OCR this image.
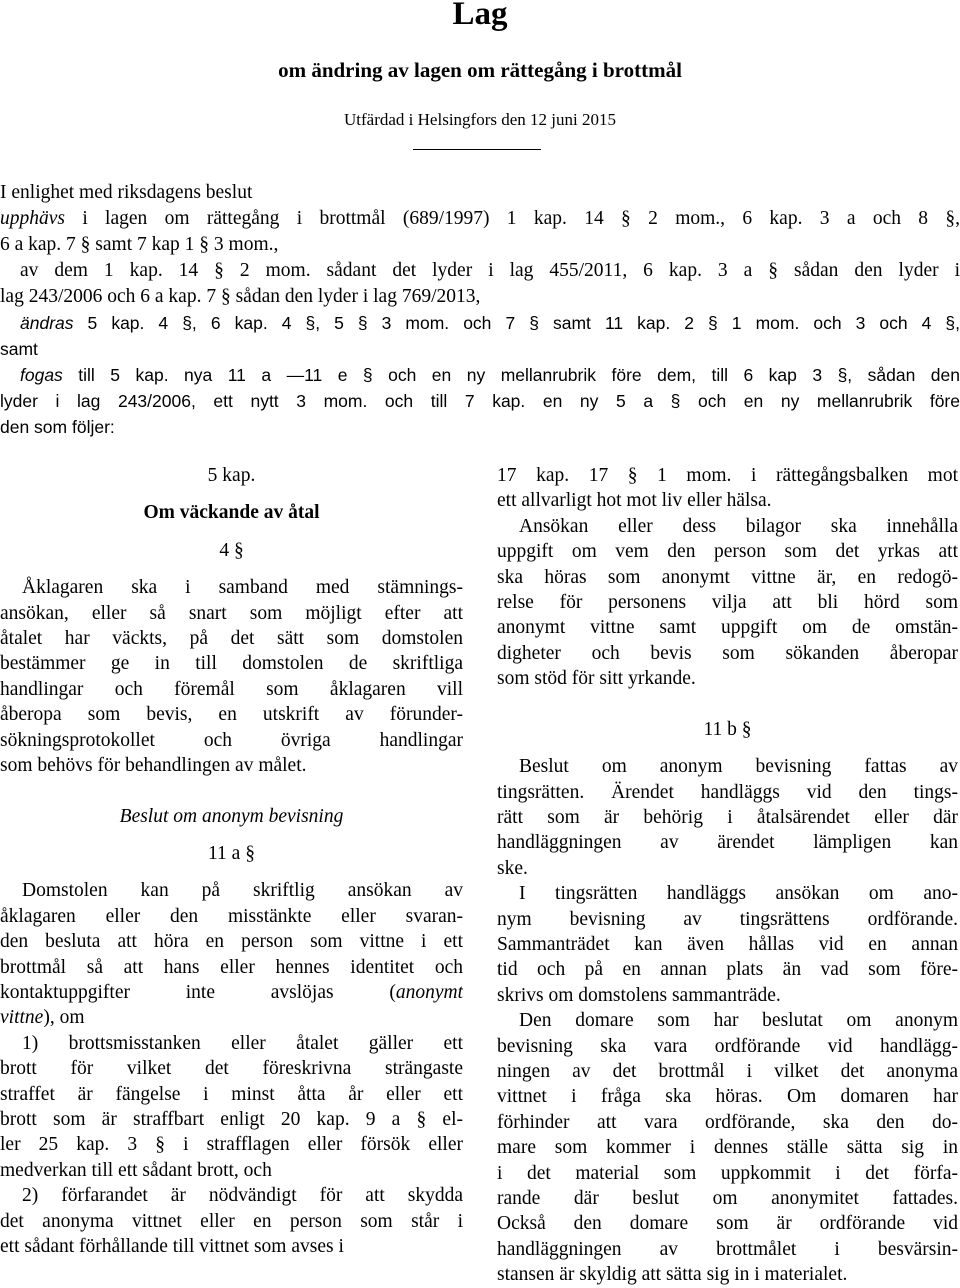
Lag
om ändring av lagen om rättegång i brottmål
Utfärdad i Helsingfors den 12 juni 2015
I enlighet med riksdagens beslut
upphävs i lagen om rättegång i brottmål (689/1997) 1 kap. 14 § 2 mom., 6 kap. 3 a och 8 §,
6 a kap. 7 § samt 7 kap 1 § 3 mom.,
av dem 1 kap. 14 § 2 mom. sådant det lyder i lag 455/2011, 6 kap. 3 a § sådan den lyder i
lag 243/2006 och 6 a kap. 7 § sådan den lyder i lag 769/2013,
ändras 5 kap. 4 §, 6 kap. 4 §, 5 § 3 mom. och 7 § samt 11 kap. 2 § 1 mom. och 3 och 4 §,
samt
fogas till 5 kap. nya 11 a —11 e § och en ny mellanrubrik före dem, till 6 kap 3 §, sådan den
lyder i lag 243/2006, ett nytt 3 mom. och till 7 kap. en ny 5 a § och en ny mellanrubrik före
den som följer:
5 kap.
Om väckande av åtal
4 §
Åklagaren ska i samband med stämnings-
ansökan, eller så snart som möjligt efter att
åtalet har väckts, på det sätt som domstolen
bestämmer ge in till domstolen de skriftliga
handlingar och föremål som åklagaren vill
åberopa som bevis, en utskrift av förunder-
sökningsprotokollet och övriga handlingar
som behövs för behandlingen av målet.
Beslut om anonym bevisning
11 a §
Domstolen kan på skriftlig ansökan av
åklagaren eller den misstänkte eller svaran-
den besluta att höra en person som vittne i ett
brottmål så att hans eller hennes identitet och
kontaktuppgifter inte avslöjas (anonymt
vittne), om
1) brottsmisstanken eller åtalet gäller ett
brott för vilket det föreskrivna strängaste
straffet är fängelse i minst åtta år eller ett
brott som är straffbart enligt 20 kap. 9 a § el-
ler 25 kap. 3 § i strafflagen eller försök eller
medverkan till ett sådant brott, och
2) förfarandet är nödvändigt för att skydda
det anonyma vittnet eller en person som står i
ett sådant förhållande till vittnet som avses i
17 kap. 17 § 1 mom. i rättegångsbalken mot
ett allvarligt hot mot liv eller hälsa.
Ansökan eller dess bilagor ska innehålla
uppgift om vem den person som det yrkas att
ska höras som anonymt vittne är, en redogö-
relse för personens vilja att bli hörd som
anonymt vittne samt uppgift om de omstän-
digheter och bevis som sökanden åberopar
som stöd för sitt yrkande.
11 b §
Beslut om anonym bevisning fattas av
tingsrätten. Ärendet handläggs vid den tings-
rätt som är behörig i åtalsärendet eller där
handläggningen av ärendet lämpligen kan
ske.
I tingsrätten handläggs ansökan om ano-
nym bevisning av tingsrättens ordförande.
Sammanträdet kan även hållas vid en annan
tid och på en annan plats än vad som före-
skrivs om domstolens sammanträde.
Den domare som har beslutat om anonym
bevisning ska vara ordförande vid handlägg-
ningen av det brottmål i vilket det anonyma
vittnet i fråga ska höras. Om domaren har
förhinder att vara ordförande, ska den do-
mare som kommer i dennes ställe sätta sig in
i det material som uppkommit i det förfa-
rande där beslut om anonymitet fattades.
Också den domare som är ordförande vid
handläggningen av brottmålet i besvärsin-
stansen är skyldig att sätta sig in i materialet.
